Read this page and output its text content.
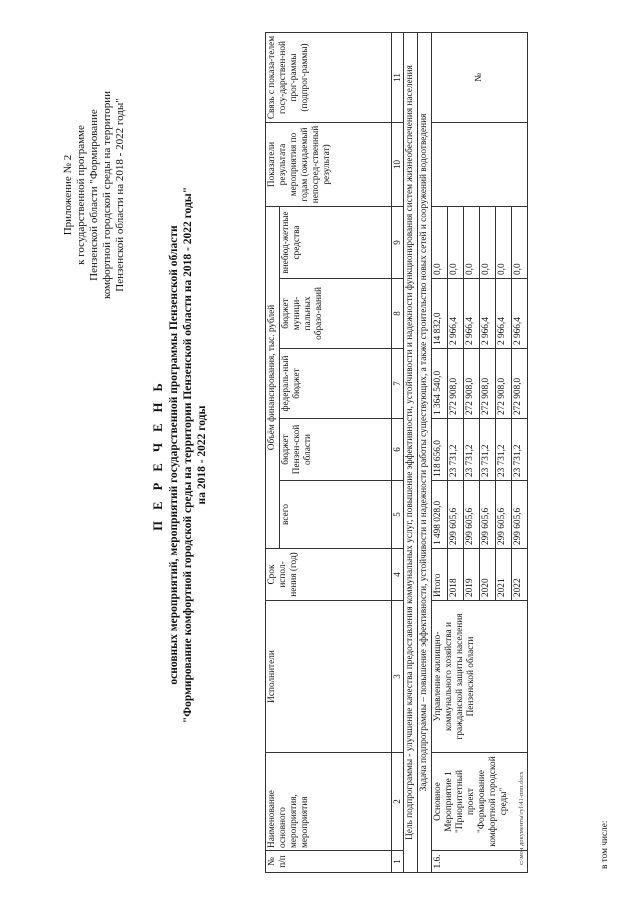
Приложение № 2 к государственной программе Пензенской области "Формирование комфортной городской среды на территории Пензенской области на 2018 - 2022 годы"
П Е Р Е Ч Е Н Ь основных мероприятий, мероприятий государственной программы Пензенской области "Формирование комфортной городской среды на территории Пензенской области на 2018 - 2022 годы" на 2018 - 2022 годы
№ п/п	Наименование основного мероприятия, мероприятия	Исполнители	Срок испол-нения (год)	Объём финансирования, тыс. рублей					Показатели результата мероприятия по годам (ожидаемый непосред-ственный результат)	Связь с показа-телем госу-дарствен-ной прог-раммы (подпрог-раммы)
				всего	бюджет Пензен-ской области	федераль-ный бюджет	бюджет муници-пальных образо-ваний	внебюд-жетные средства		
1	2	3	4	5	6	7	8	9	10	11
Цель подпрограммы - улучшение качества предоставления коммунальных услуг, повышение эффективности, устойчивости и надежности функционирования систем жизнеобеспечения населения										
Задача подпрограммы – повышение эффективности, устойчивости и надежности работы существующих, а также строительство новых сетей и сооружений водоотведения										
1.6.	Основное Мероприятие 1 "Приоритетный проект "Формирование комфортной городской среды"	Управление жилищно-коммунального хозяйства и гражданской защиты населения Пензенской области	Итого	1 498 028,0	118 656,0	1 364 540,0	14 832,0	0,0		№
			2018	299 605,6	23 731,2	272 908,0	2 966,4	0,0		
			2019	299 605,6	23 731,2	272 908,0	2 966,4	0,0		
			2020	299 605,6	23 731,2	272 908,0	2 966,4	0,0		
			2021	299 605,6	23 731,2	272 908,0	2 966,4	0,0		
			2022	299 605,6	23 731,2	272 908,0	2 966,4	0,0		
c:\мои документы\ryl\41-ппп.docx	в том числе:
